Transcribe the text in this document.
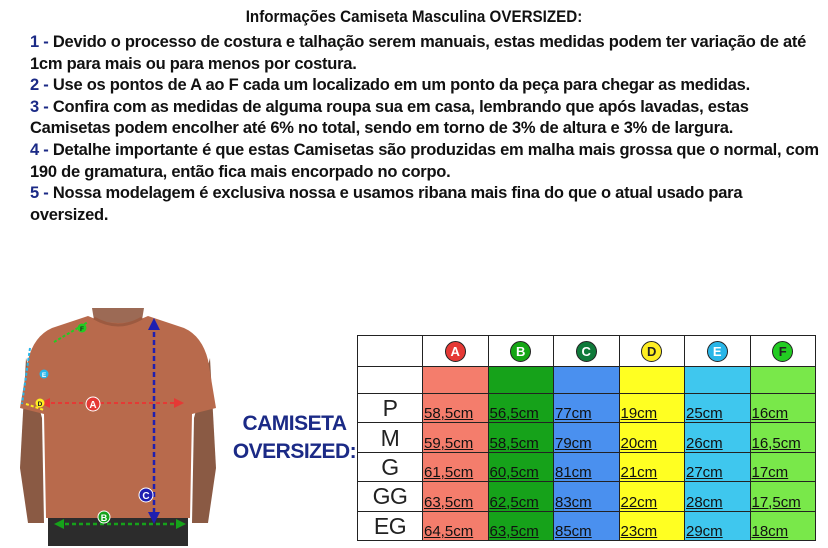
Informações Camiseta Masculina OVERSIZED:

1 - Devido o processo de costura e talhação serem manuais, estas medidas podem ter variação de até 1cm para mais ou para menos por costura.

2 - Use os pontos de A ao F cada um localizado em um ponto da peça para chegar as medidas.

3 - Confira com as medidas de alguma roupa sua em casa, lembrando que após lavadas, estas Camisetas podem encolher até 6% no total, sendo em torno de 3% de altura e 3% de largura.

4 - Detalhe importante é que estas Camisetas são produzidas em malha mais grossa que o normal, com 190 de gramatura, então fica mais encorpado no corpo.

5 - Nossa modelagem é exclusiva nossa e usamos ribana mais fina do que o atual usado para oversized.

A
B
C
D
E
F
CAMISETA
OVERSIZED:		A	B	C	D	E	F

	P	58,5cm	56,5cm	77cm	19cm	25cm	16cm
	M	59,5cm	58,5cm	79cm	20cm	26cm	16,5cm
	G	61,5cm	60,5cm	81cm	21cm	27cm	17cm
	GG	63,5cm	62,5cm	83cm	22cm	28cm	17,5cm
	EG	64,5cm	63,5cm	85cm	23cm	29cm	18cm
